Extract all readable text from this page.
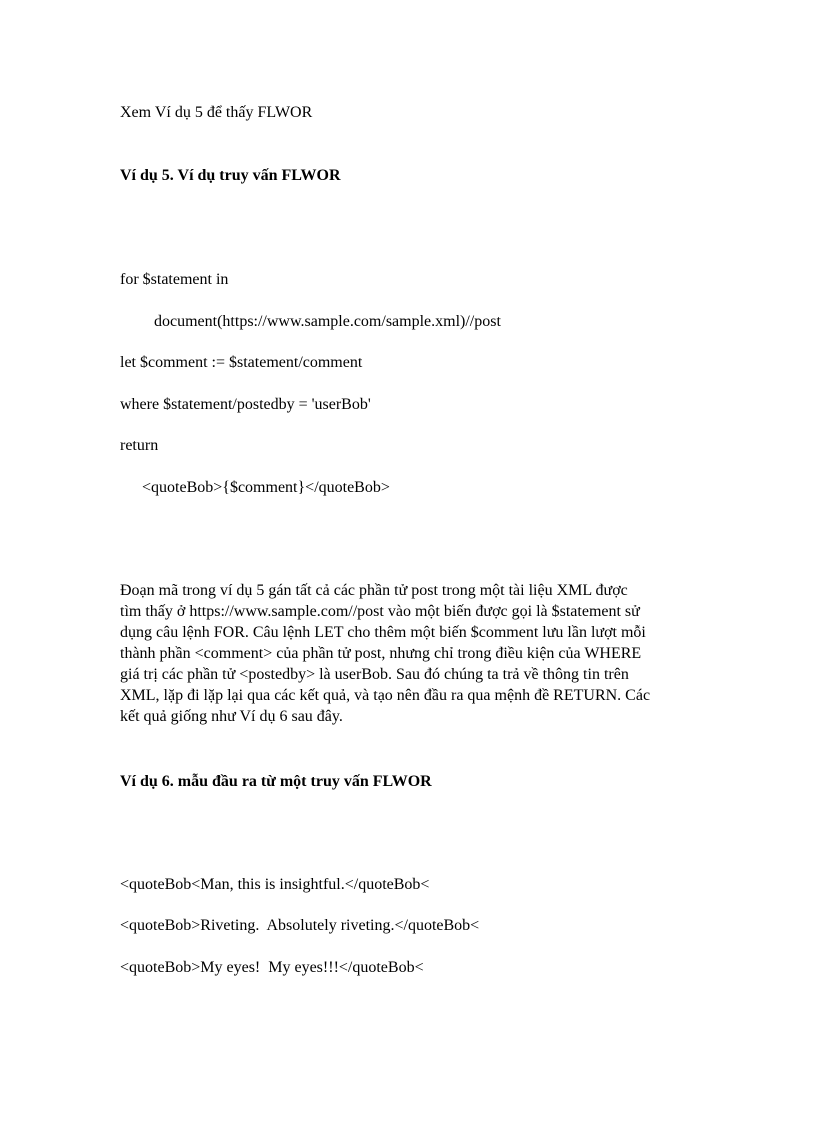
Xem Ví dụ 5 để thấy FLWOR

Ví dụ 5. Ví dụ truy vấn FLWOR

for $statement in

document(https://www.sample.com/sample.xml)//post

let $comment := $statement/comment

where $statement/postedby = 'userBob'

return

<quoteBob>{$comment}</quoteBob>

Đoạn mã trong ví dụ 5 gán tất cả các phần tử post trong một tài liệu XML được
tìm thấy ở https://www.sample.com//post vào một biến được gọi là $statement sử
dụng câu lệnh FOR. Câu lệnh LET cho thêm một biến $comment lưu lần lượt mỗi
thành phần <comment> của phần tử post, nhưng chỉ trong điều kiện của WHERE
giá trị các phần tử <postedby> là userBob. Sau đó chúng ta trả về thông tin trên
XML, lặp đi lặp lại qua các kết quả, và tạo nên đầu ra qua mệnh đề RETURN. Các
kết quả giống như Ví dụ 6 sau đây.

Ví dụ 6. mẫu đầu ra từ một truy vấn FLWOR

<quoteBob<Man, this is insightful.</quoteBob<

<quoteBob>Riveting.  Absolutely riveting.</quoteBob<

<quoteBob>My eyes!  My eyes!!!</quoteBob<
